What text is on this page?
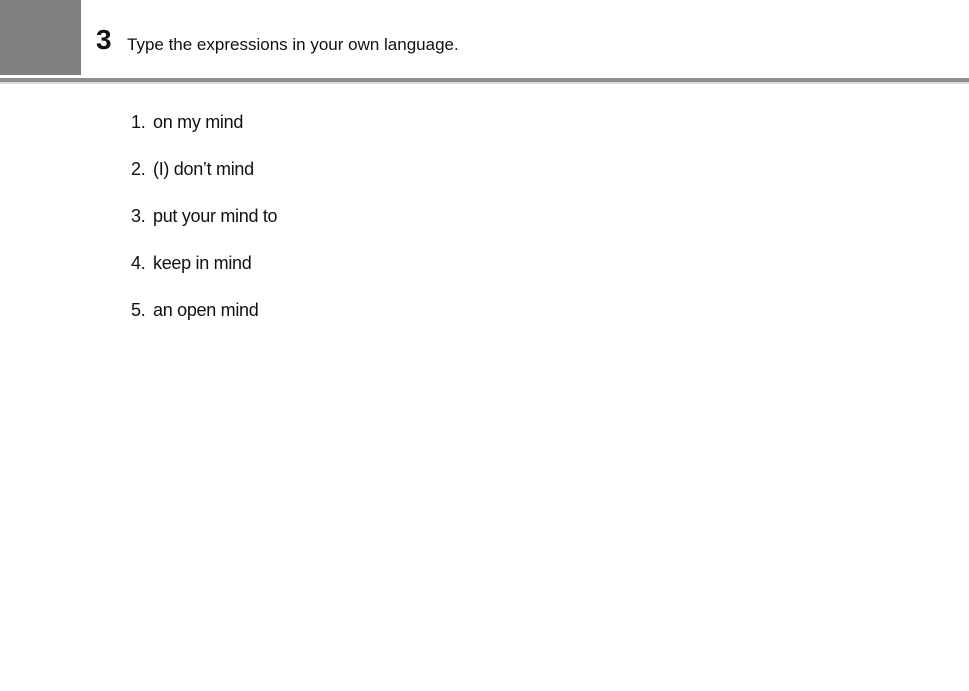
3 Type the expressions in your own language.
1. on my mind
2. (I) don’t mind
3. put your mind to
4. keep in mind
5. an open mind
